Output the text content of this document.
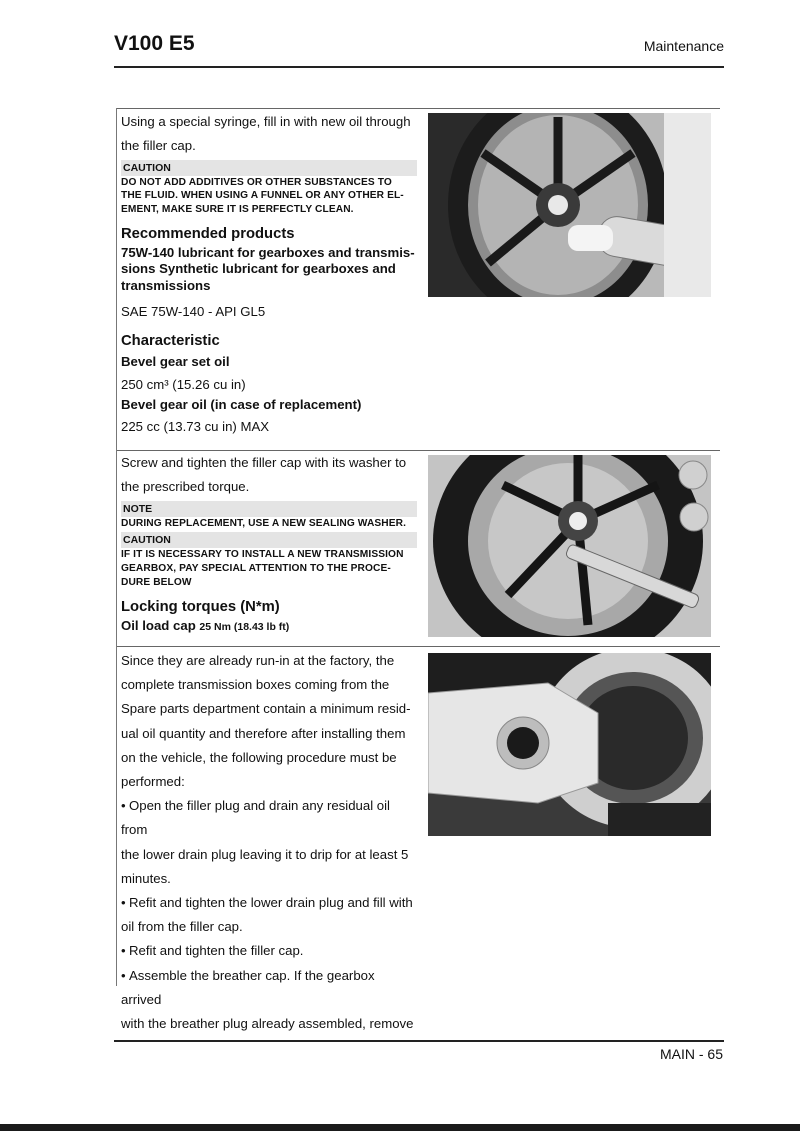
V100 E5	Maintenance

Using a special syringe, fill in with new oil through

the filler cap.

CAUTION

DO NOT ADD ADDITIVES OR OTHER SUBSTANCES TO

THE FLUID. WHEN USING A FUNNEL OR ANY OTHER EL-

EMENT, MAKE SURE IT IS PERFECTLY CLEAN.

Recommended products

75W-140 lubricant for gearboxes and transmis-

sions Synthetic lubricant for gearboxes and

transmissions

SAE 75W-140 - API GL5

Characteristic

Bevel gear set oil

250 cm³ (15.26 cu in)

Bevel gear oil (in case of replacement)

225 cc (13.73 cu in) MAX

Screw and tighten the filler cap with its washer to

the prescribed torque.

NOTE

DURING REPLACEMENT, USE A NEW SEALING WASHER.

CAUTION

IF IT IS NECESSARY TO INSTALL A NEW TRANSMISSION

GEARBOX, PAY SPECIAL ATTENTION TO THE PROCE-

DURE BELOW

Locking torques (N*m)

Oil load cap 25 Nm (18.43 lb ft)

Since they are already run-in at the factory, the

complete transmission boxes coming from the

Spare parts department contain a minimum resid-

ual oil quantity and therefore after installing them

on the vehicle, the following procedure must be

performed:

• Open the filler plug and drain any residual oil from

the lower drain plug leaving it to drip for at least 5

minutes.

• Refit and tighten the lower drain plug and fill with

oil from the filler cap.

• Refit and tighten the filler cap.

• Assemble the breather cap. If the gearbox arrived

with the breather plug already assembled, remove

MAIN - 65
